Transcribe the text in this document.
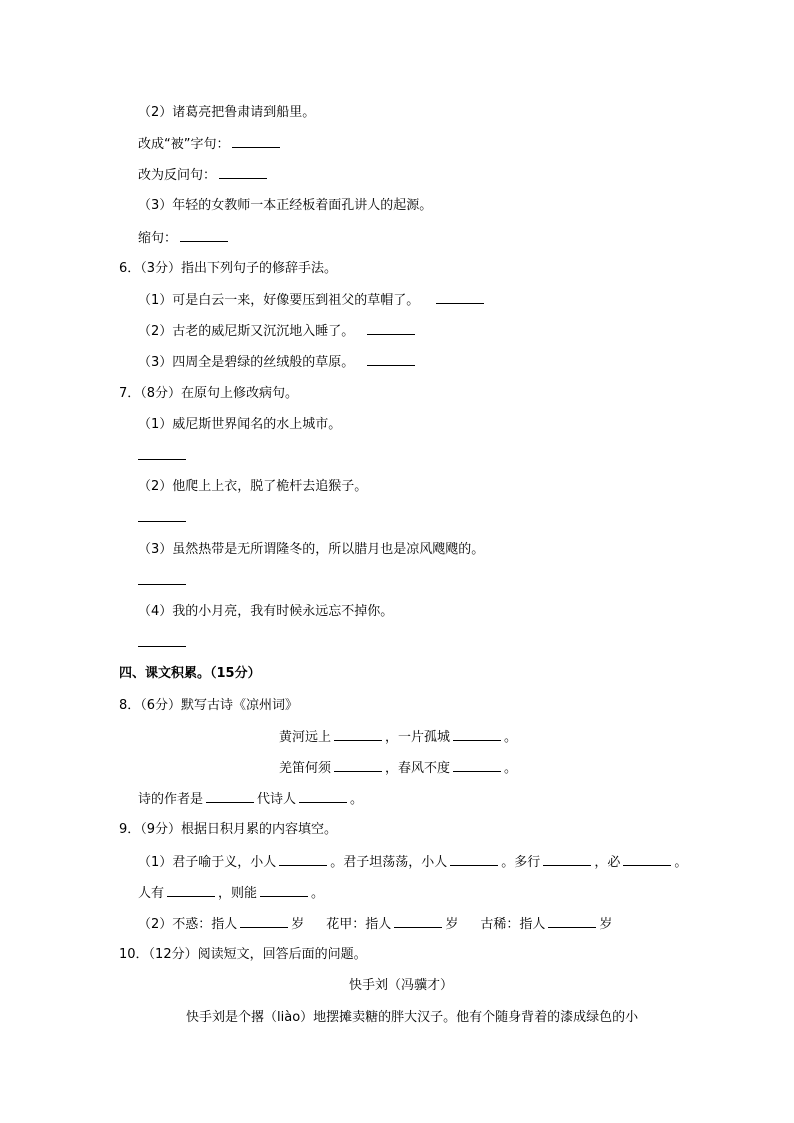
（2）诸葛亮把鲁肃请到船里。
改成“被”字句：
改为反问句：
（3）年轻的女教师一本正经板着面孔讲人的起源。
缩句：
6．（3分）指出下列句子的修辞手法。
（1）可是白云一来，好像要压到祖父的草帽了。
（2）古老的威尼斯又沉沉地入睡了。
（3）四周全是碧绿的丝绒般的草原。
7．（8分）在原句上修改病句。
（1）威尼斯世界闻名的水上城市。
（2）他爬上上衣，脱了桅杆去追猴子。
（3）虽然热带是无所谓隆冬的，所以腊月也是凉风飕飕的。
（4）我的小月亮，我有时候永远忘不掉你。
四、课文积累。（15分）
8．（6分）默写古诗《凉州词》
黄河远上	，一片孤城	。
羌笛何须	，春风不度	。
诗的作者是	代诗人	。
9．（9分）根据日积月累的内容填空。
（1）君子喻于义，小人	。君子坦荡荡，小人	。多行	，必	。
人有	，则能	。
（2）不惑：指人	岁 花甲：指人	岁 古稀：指人	岁
10．（12分）阅读短文，回答后面的问题。
快手刘（冯骥才）
快手刘是个撂（liào）地摆摊卖糖的胖大汉子。他有个随身背着的漆成绿色的小
